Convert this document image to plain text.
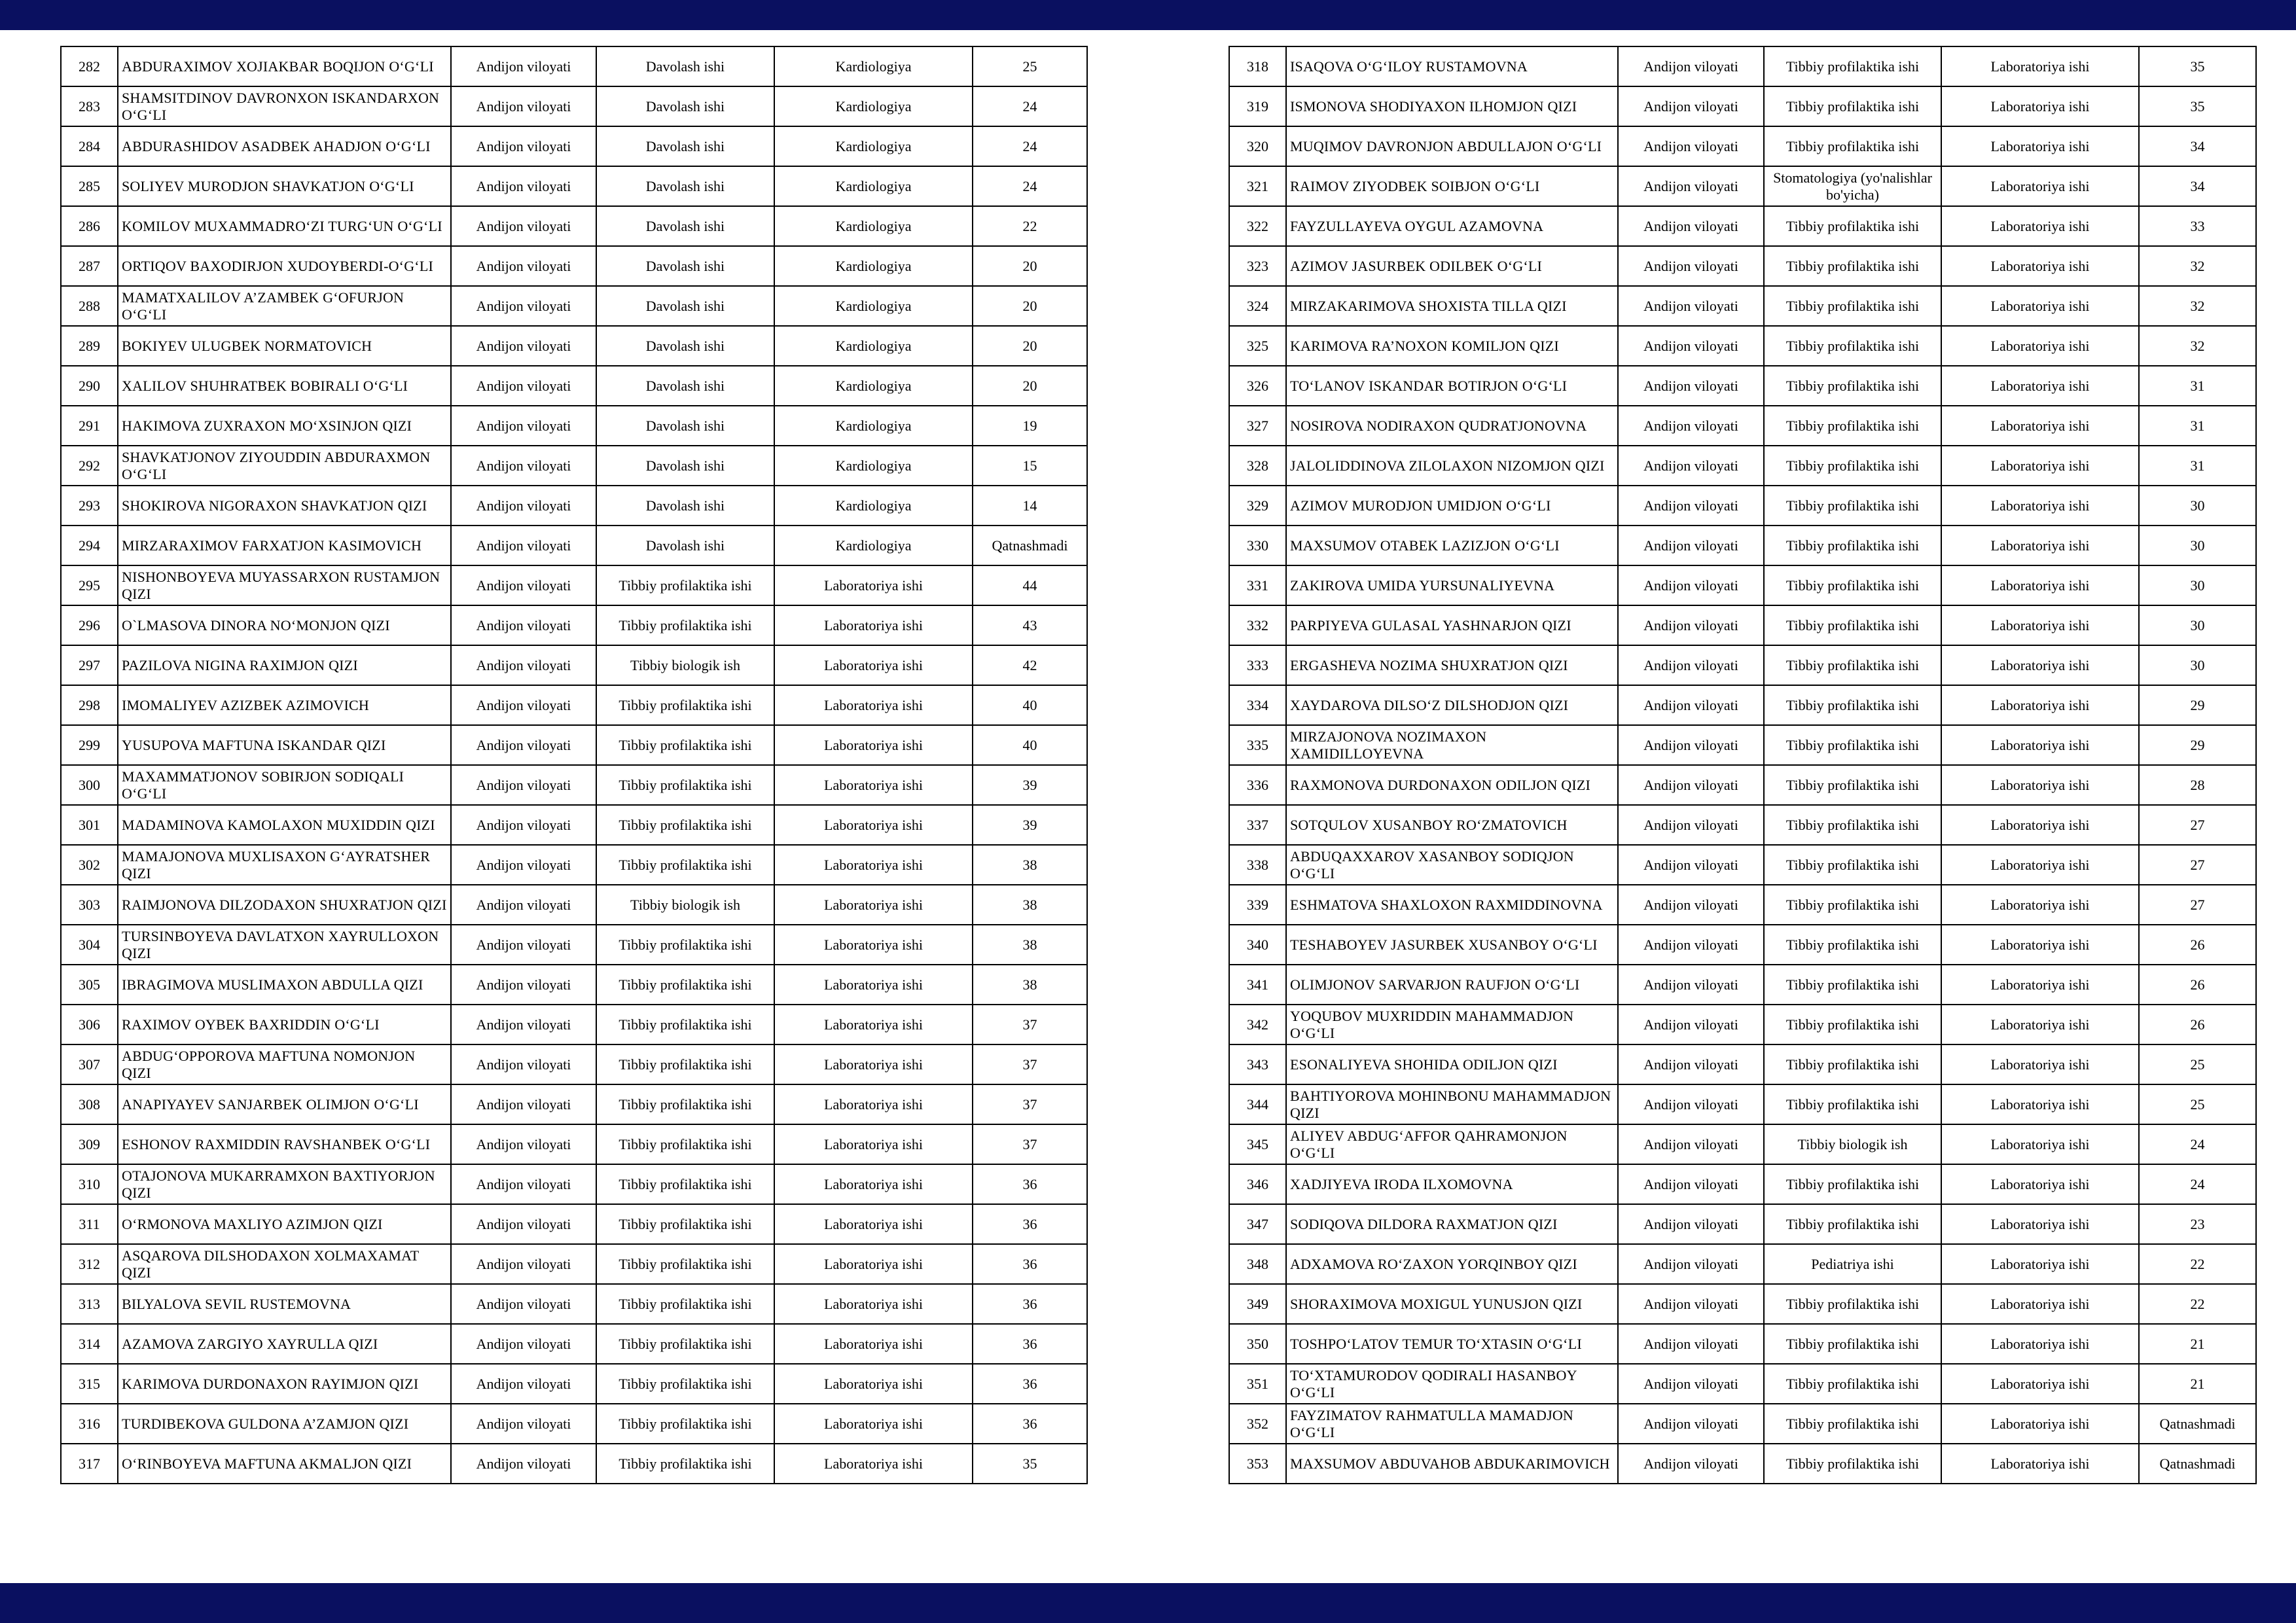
282	ABDURAXIMOV XOJIAKBAR BOQIJON O‘G‘LI	Andijon viloyati	Davolash ishi	Kardiologiya	25
283	SHAMSITDINOV DAVRONXON ISKANDARXON O‘G‘LI	Andijon viloyati	Davolash ishi	Kardiologiya	24
284	ABDURASHIDOV ASADBEK AHADJON O‘G‘LI	Andijon viloyati	Davolash ishi	Kardiologiya	24
285	SOLIYEV MURODJON SHAVKATJON O‘G‘LI	Andijon viloyati	Davolash ishi	Kardiologiya	24
286	KOMILOV MUXAMMADRO‘ZI TURG‘UN O‘G‘LI	Andijon viloyati	Davolash ishi	Kardiologiya	22
287	ORTIQOV BAXODIRJON XUDOYBERDI-O‘G‘LI	Andijon viloyati	Davolash ishi	Kardiologiya	20
288	MAMATXALILOV A’ZAMBEK G‘OFURJON O‘G‘LI	Andijon viloyati	Davolash ishi	Kardiologiya	20
289	BOKIYEV ULUGBEK NORMATOVICH	Andijon viloyati	Davolash ishi	Kardiologiya	20
290	XALILOV SHUHRATBEK BOBIRALI O‘G‘LI	Andijon viloyati	Davolash ishi	Kardiologiya	20
291	HAKIMOVA ZUXRAXON MO‘XSINJON QIZI	Andijon viloyati	Davolash ishi	Kardiologiya	19
292	SHAVKATJONOV ZIYOUDDIN ABDURAXMON O‘G‘LI	Andijon viloyati	Davolash ishi	Kardiologiya	15
293	SHOKIROVA NIGORAXON SHAVKATJON QIZI	Andijon viloyati	Davolash ishi	Kardiologiya	14
294	MIRZARAXIMOV FARXATJON KASIMOVICH	Andijon viloyati	Davolash ishi	Kardiologiya	Qatnashmadi
295	NISHONBOYEVA MUYASSARXON RUSTAMJON QIZI	Andijon viloyati	Tibbiy profilaktika ishi	Laboratoriya ishi	44
296	O`LMASOVA DINORA NO‘MONJON QIZI	Andijon viloyati	Tibbiy profilaktika ishi	Laboratoriya ishi	43
297	PAZILOVA NIGINA RAXIMJON QIZI	Andijon viloyati	Tibbiy biologik ish	Laboratoriya ishi	42
298	IMOMALIYEV AZIZBEK AZIMOVICH	Andijon viloyati	Tibbiy profilaktika ishi	Laboratoriya ishi	40
299	YUSUPOVA MAFTUNA ISKANDAR QIZI	Andijon viloyati	Tibbiy profilaktika ishi	Laboratoriya ishi	40
300	MAXAMMATJONOV SOBIRJON SODIQALI O‘G‘LI	Andijon viloyati	Tibbiy profilaktika ishi	Laboratoriya ishi	39
301	MADAMINOVA KAMOLAXON MUXIDDIN QIZI	Andijon viloyati	Tibbiy profilaktika ishi	Laboratoriya ishi	39
302	MAMAJONOVA MUXLISAXON G‘AYRATSHER QIZI	Andijon viloyati	Tibbiy profilaktika ishi	Laboratoriya ishi	38
303	RAIMJONOVA DILZODAXON SHUXRATJON QIZI	Andijon viloyati	Tibbiy biologik ish	Laboratoriya ishi	38
304	TURSINBOYEVA DAVLATXON XAYRULLOXON QIZI	Andijon viloyati	Tibbiy profilaktika ishi	Laboratoriya ishi	38
305	IBRAGIMOVA MUSLIMAXON ABDULLA QIZI	Andijon viloyati	Tibbiy profilaktika ishi	Laboratoriya ishi	38
306	RAXIMOV OYBEK BAXRIDDIN O‘G‘LI	Andijon viloyati	Tibbiy profilaktika ishi	Laboratoriya ishi	37
307	ABDUG‘OPPOROVA MAFTUNA NOMONJON QIZI	Andijon viloyati	Tibbiy profilaktika ishi	Laboratoriya ishi	37
308	ANAPIYAYEV SANJARBEK OLIMJON O‘G‘LI	Andijon viloyati	Tibbiy profilaktika ishi	Laboratoriya ishi	37
309	ESHONOV RAXMIDDIN RAVSHANBEK O‘G‘LI	Andijon viloyati	Tibbiy profilaktika ishi	Laboratoriya ishi	37
310	OTAJONOVA MUKARRAMXON BAXTIYORJON QIZI	Andijon viloyati	Tibbiy profilaktika ishi	Laboratoriya ishi	36
311	O‘RMONOVA MAXLIYO AZIMJON QIZI	Andijon viloyati	Tibbiy profilaktika ishi	Laboratoriya ishi	36
312	ASQAROVA DILSHODAXON XOLMAXAMAT QIZI	Andijon viloyati	Tibbiy profilaktika ishi	Laboratoriya ishi	36
313	BILYALOVA SEVIL RUSTEMOVNA	Andijon viloyati	Tibbiy profilaktika ishi	Laboratoriya ishi	36
314	AZAMOVA ZARGIYO XAYRULLA QIZI	Andijon viloyati	Tibbiy profilaktika ishi	Laboratoriya ishi	36
315	KARIMOVA DURDONAXON RAYIMJON QIZI	Andijon viloyati	Tibbiy profilaktika ishi	Laboratoriya ishi	36
316	TURDIBEKOVA GULDONA A’ZAMJON QIZI	Andijon viloyati	Tibbiy profilaktika ishi	Laboratoriya ishi	36
317	O‘RINBOYEVA MAFTUNA AKMALJON QIZI	Andijon viloyati	Tibbiy profilaktika ishi	Laboratoriya ishi	35
318	ISAQOVA O‘G‘ILOY RUSTAMOVNA	Andijon viloyati	Tibbiy profilaktika ishi	Laboratoriya ishi	35
319	ISMONOVA SHODIYAXON ILHOMJON QIZI	Andijon viloyati	Tibbiy profilaktika ishi	Laboratoriya ishi	35
320	MUQIMOV DAVRONJON ABDULLAJON O‘G‘LI	Andijon viloyati	Tibbiy profilaktika ishi	Laboratoriya ishi	34
321	RAIMOV ZIYODBEK SOIBJON O‘G‘LI	Andijon viloyati	Stomatologiya (yo'nalishlar bo'yicha)	Laboratoriya ishi	34
322	FAYZULLAYEVA OYGUL AZAMOVNA	Andijon viloyati	Tibbiy profilaktika ishi	Laboratoriya ishi	33
323	AZIMOV JASURBEK ODILBEK O‘G‘LI	Andijon viloyati	Tibbiy profilaktika ishi	Laboratoriya ishi	32
324	MIRZAKARIMOVA SHOXISTA TILLA QIZI	Andijon viloyati	Tibbiy profilaktika ishi	Laboratoriya ishi	32
325	KARIMOVA RA’NOXON KOMILJON QIZI	Andijon viloyati	Tibbiy profilaktika ishi	Laboratoriya ishi	32
326	TO‘LANOV ISKANDAR BOTIRJON O‘G‘LI	Andijon viloyati	Tibbiy profilaktika ishi	Laboratoriya ishi	31
327	NOSIROVA NODIRAXON QUDRATJONOVNA	Andijon viloyati	Tibbiy profilaktika ishi	Laboratoriya ishi	31
328	JALOLIDDINOVA ZILOLAXON NIZOMJON QIZI	Andijon viloyati	Tibbiy profilaktika ishi	Laboratoriya ishi	31
329	AZIMOV MURODJON UMIDJON O‘G‘LI	Andijon viloyati	Tibbiy profilaktika ishi	Laboratoriya ishi	30
330	MAXSUMOV OTABEK LAZIZJON O‘G‘LI	Andijon viloyati	Tibbiy profilaktika ishi	Laboratoriya ishi	30
331	ZAKIROVA UMIDA YURSUNALIYEVNA	Andijon viloyati	Tibbiy profilaktika ishi	Laboratoriya ishi	30
332	PARPIYEVA GULASAL YASHNARJON QIZI	Andijon viloyati	Tibbiy profilaktika ishi	Laboratoriya ishi	30
333	ERGASHEVA NOZIMA SHUXRATJON QIZI	Andijon viloyati	Tibbiy profilaktika ishi	Laboratoriya ishi	30
334	XAYDAROVA DILSO‘Z DILSHODJON QIZI	Andijon viloyati	Tibbiy profilaktika ishi	Laboratoriya ishi	29
335	MIRZAJONOVA NOZIMAXON XAMIDILLOYEVNA	Andijon viloyati	Tibbiy profilaktika ishi	Laboratoriya ishi	29
336	RAXMONOVA DURDONAXON ODILJON QIZI	Andijon viloyati	Tibbiy profilaktika ishi	Laboratoriya ishi	28
337	SOTQULOV XUSANBOY RO‘ZMATOVICH	Andijon viloyati	Tibbiy profilaktika ishi	Laboratoriya ishi	27
338	ABDUQAXXAROV XASANBOY SODIQJON O‘G‘LI	Andijon viloyati	Tibbiy profilaktika ishi	Laboratoriya ishi	27
339	ESHMATOVA SHAXLOXON RAXMIDDINOVNA	Andijon viloyati	Tibbiy profilaktika ishi	Laboratoriya ishi	27
340	TESHABOYEV JASURBEK XUSANBOY O‘G‘LI	Andijon viloyati	Tibbiy profilaktika ishi	Laboratoriya ishi	26
341	OLIMJONOV SARVARJON RAUFJON O‘G‘LI	Andijon viloyati	Tibbiy profilaktika ishi	Laboratoriya ishi	26
342	YOQUBOV MUXRIDDIN MAHAMMADJON O‘G‘LI	Andijon viloyati	Tibbiy profilaktika ishi	Laboratoriya ishi	26
343	ESONALIYEVA SHOHIDA ODILJON QIZI	Andijon viloyati	Tibbiy profilaktika ishi	Laboratoriya ishi	25
344	BAHTIYOROVA MOHINBONU MAHAMMADJON QIZI	Andijon viloyati	Tibbiy profilaktika ishi	Laboratoriya ishi	25
345	ALIYEV ABDUG‘AFFOR QAHRAMONJON O‘G‘LI	Andijon viloyati	Tibbiy biologik ish	Laboratoriya ishi	24
346	XADJIYEVA IRODA ILXOMOVNA	Andijon viloyati	Tibbiy profilaktika ishi	Laboratoriya ishi	24
347	SODIQOVA DILDORA RAXMATJON QIZI	Andijon viloyati	Tibbiy profilaktika ishi	Laboratoriya ishi	23
348	ADXAMOVA RO‘ZAXON YORQINBOY QIZI	Andijon viloyati	Pediatriya ishi	Laboratoriya ishi	22
349	SHORAXIMOVA MOXIGUL YUNUSJON QIZI	Andijon viloyati	Tibbiy profilaktika ishi	Laboratoriya ishi	22
350	TOSHPO‘LATOV TEMUR TO‘XTASIN O‘G‘LI	Andijon viloyati	Tibbiy profilaktika ishi	Laboratoriya ishi	21
351	TO‘XTAMURODOV QODIRALI HASANBOY O‘G‘LI	Andijon viloyati	Tibbiy profilaktika ishi	Laboratoriya ishi	21
352	FAYZIMATOV RAHMATULLA MAMADJON O‘G‘LI	Andijon viloyati	Tibbiy profilaktika ishi	Laboratoriya ishi	Qatnashmadi
353	MAXSUMOV ABDUVAHOB ABDUKARIMOVICH	Andijon viloyati	Tibbiy profilaktika ishi	Laboratoriya ishi	Qatnashmadi
